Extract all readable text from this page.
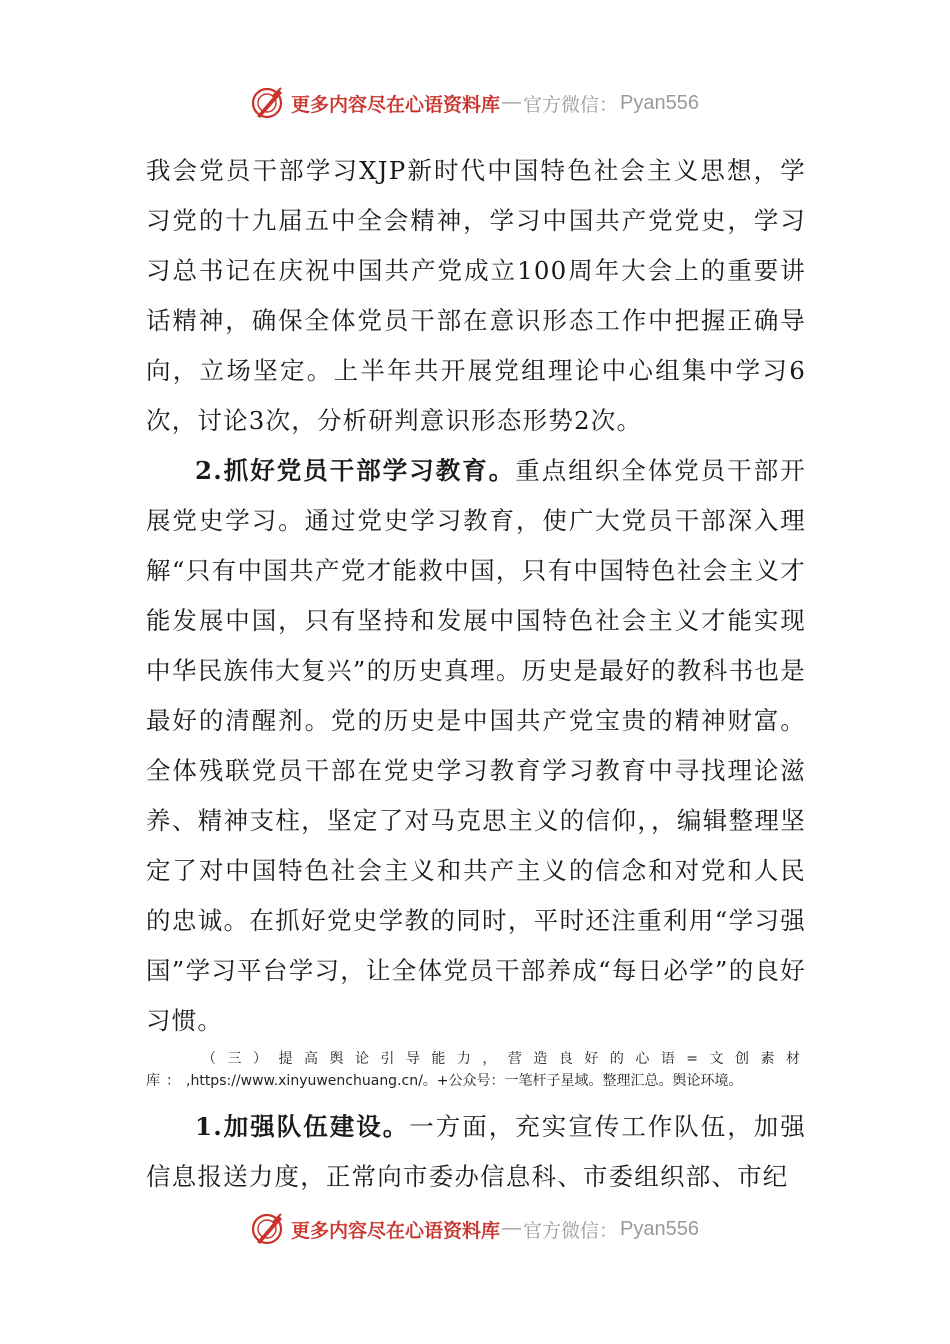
更多内容尽在心语资料库 — 官方微信： Pyan556

我会党员干部学习XJP新时代中国特色社会主义思想，学习党的十九届五中全会精神，学习中国共产党党史，学习习总书记在庆祝中国共产党成立100周年大会上的重要讲话精神，确保全体党员干部在意识形态工作中把握正确导向，立场坚定。上半年共开展党组理论中心组集中学习6次，讨论3次，分析研判意识形态形势2次。

2.抓好党员干部学习教育。重点组织全体党员干部开展党史学习。通过党史学习教育，使广大党员干部深入理解“只有中国共产党才能救中国，只有中国特色社会主义才能发展中国，只有坚持和发展中国特色社会主义才能实现中华民族伟大复兴”的历史真理。历史是最好的教科书也是最好的清醒剂。党的历史是中国共产党宝贵的精神财富。全体残联党员干部在党史学习教育学习教育中寻找理论滋养、精神支柱，坚定了对马克思主义的信仰，，编辑整理坚定了对中国特色社会主义和共产主义的信念和对党和人民的忠诚。在抓好党史学教的同时，平时还注重利用“学习强国”学习平台学习，让全体党员干部养成“每日必学”的良好习惯。

（三）提高舆论引导能力，营造良好的心语=文创素材库：,https://www.xinyuwenchuang.cn/。+公众号：一笔杆子星域。整理汇总。舆论环境。

1.加强队伍建设。一方面，充实宣传工作队伍，加强信息报送力度，正常向市委办信息科、市委组织部、市纪

更多内容尽在心语资料库 — 官方微信： Pyan556
